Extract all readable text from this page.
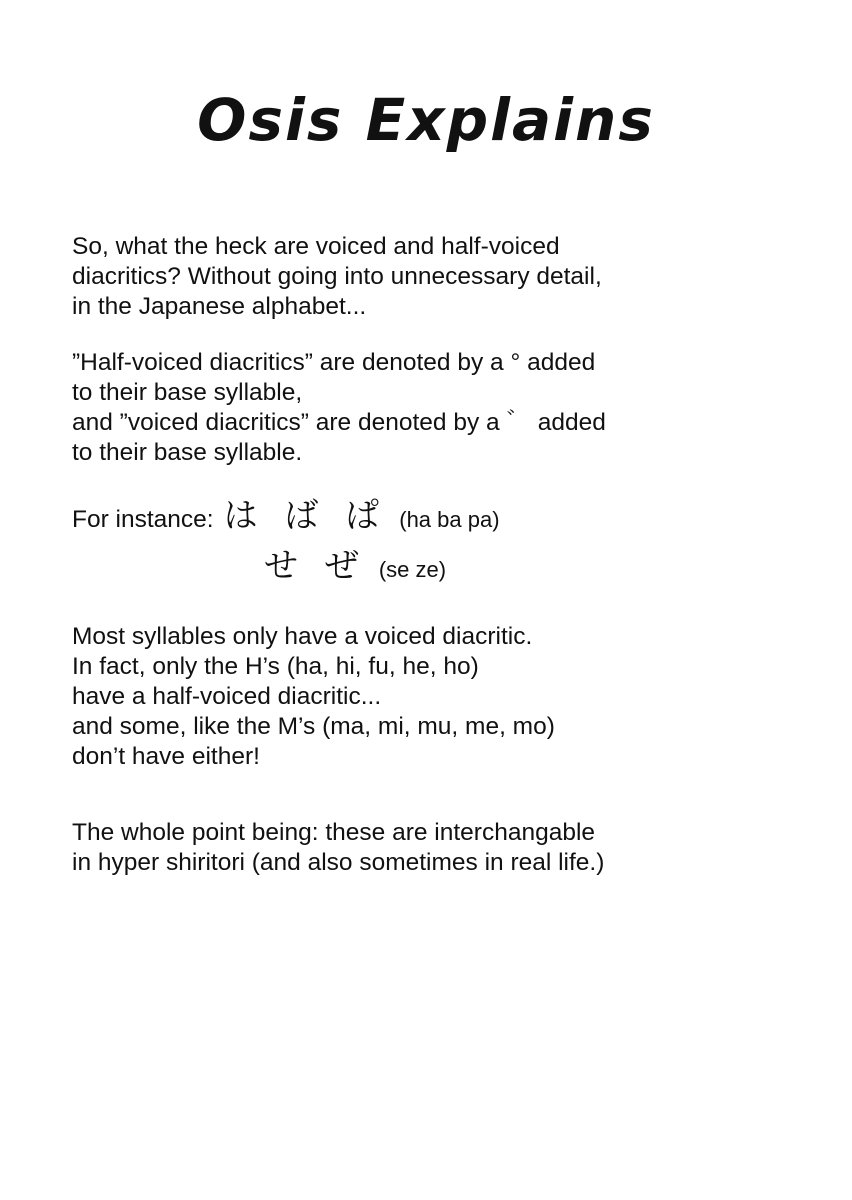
Osis Explains

So, what the heck are voiced and half-voiced

diacritics? Without going into unnecessary detail,

in the Japanese alphabet...

”Half-voiced diacritics” are denoted by a ° added

to their base syllable,

and ”voiced diacritics” are denoted by a ゛ added

to their base syllable.

For instance: は ば ぱ (ha ba pa)
せ ぜ (se ze)

Most syllables only have a voiced diacritic.

In fact, only the H’s (ha, hi, fu, he, ho)

have a half-voiced diacritic...

and some, like the M’s (ma, mi, mu, me, mo)

don’t have either!

The whole point being: these are interchangable

in hyper shiritori (and also sometimes in real life.)
